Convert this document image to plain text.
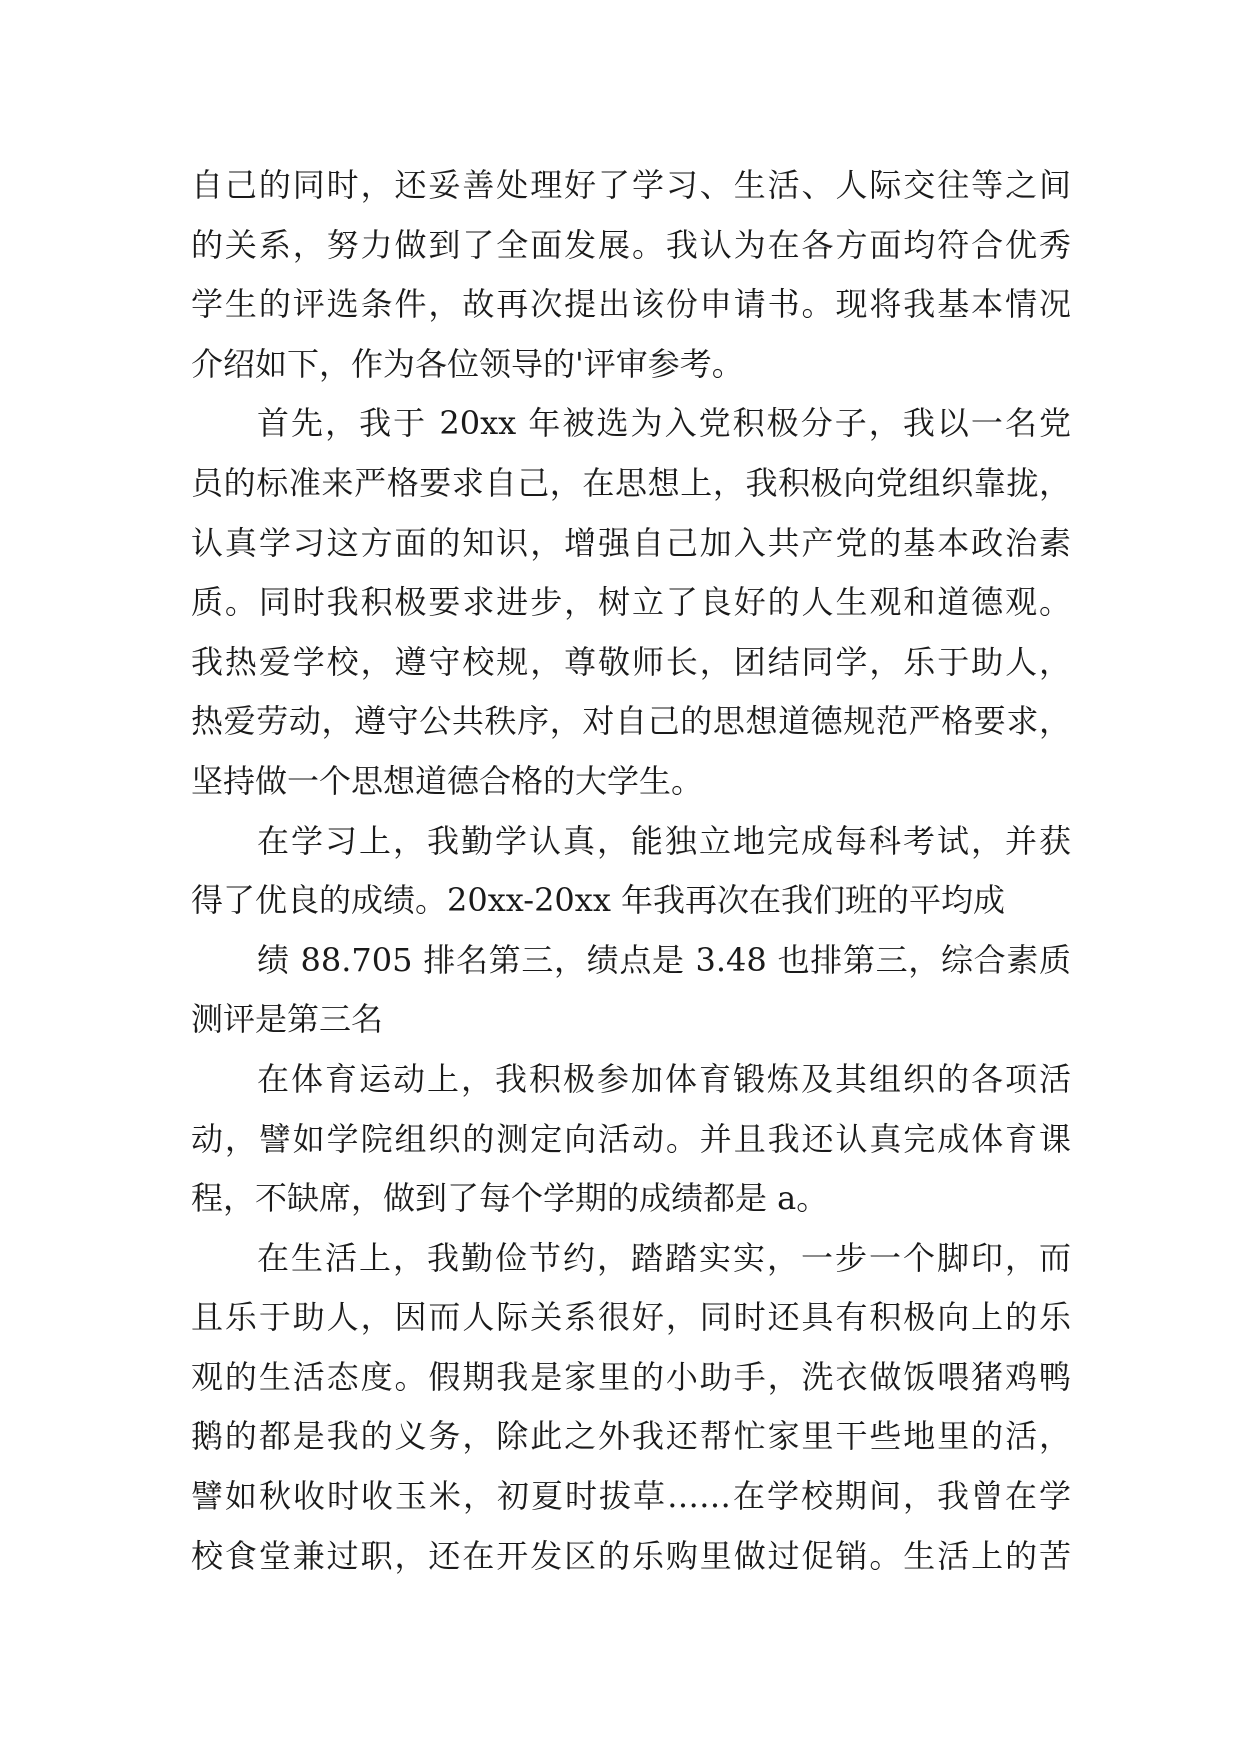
自己的同时，还妥善处理好了学习、生活、人际交往等之间
的关系，努力做到了全面发展。我认为在各方面均符合优秀
学生的评选条件，故再次提出该份申请书。现将我基本情况
介绍如下，作为各位领导的'评审参考。
首先，我于 20xx 年被选为入党积极分子，我以一名党
员的标准来严格要求自己，在思想上，我积极向党组织靠拢，
认真学习这方面的知识，增强自己加入共产党的基本政治素
质。同时我积极要求进步，树立了良好的人生观和道德观。
我热爱学校，遵守校规，尊敬师长，团结同学，乐于助人，
热爱劳动，遵守公共秩序，对自己的思想道德规范严格要求，
坚持做一个思想道德合格的大学生。
在学习上，我勤学认真，能独立地完成每科考试，并获
得了优良的成绩。20xx-20xx 年我再次在我们班的平均成
绩 88.705 排名第三，绩点是 3.48 也排第三，综合素质
测评是第三名
在体育运动上，我积极参加体育锻炼及其组织的各项活
动，譬如学院组织的测定向活动。并且我还认真完成体育课
程，不缺席，做到了每个学期的成绩都是 a。
在生活上，我勤俭节约，踏踏实实，一步一个脚印，而
且乐于助人，因而人际关系很好，同时还具有积极向上的乐
观的生活态度。假期我是家里的小助手，洗衣做饭喂猪鸡鸭
鹅的都是我的义务，除此之外我还帮忙家里干些地里的活，
譬如秋收时收玉米，初夏时拔草……在学校期间，我曾在学
校食堂兼过职，还在开发区的乐购里做过促销。生活上的苦
